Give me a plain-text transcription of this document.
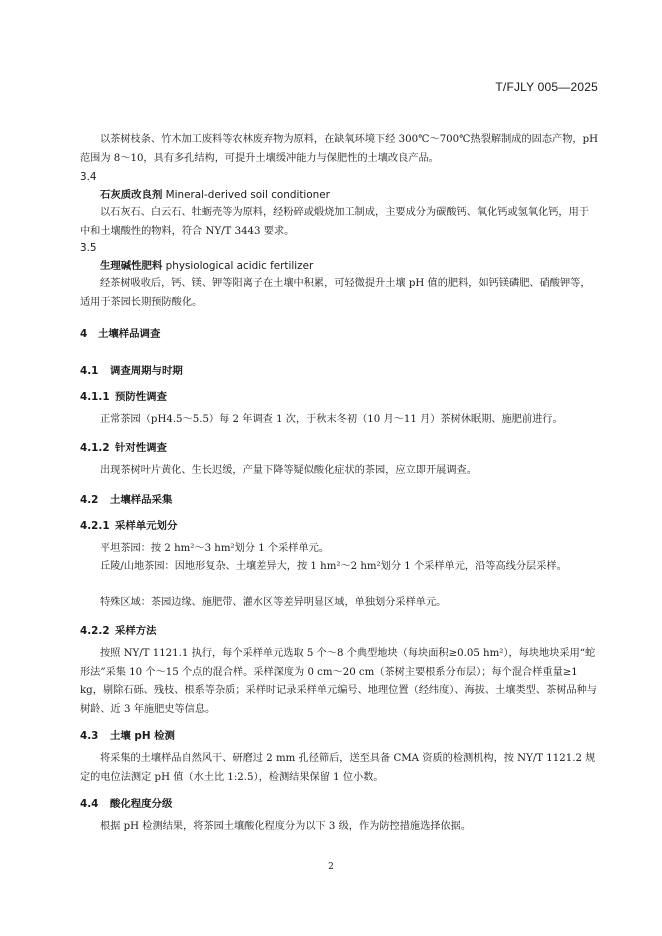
T/FJLY 005—2025
以茶树枝条、竹木加工废料等农林废弃物为原料，在缺氧环境下经 300℃～700℃热裂解制成的固态产物，pH 范围为 8～10，具有多孔结构，可提升土壤缓冲能力与保肥性的土壤改良产品。
3.4
石灰质改良剂 Mineral-derived soil conditioner
以石灰石、白云石、牡蛎壳等为原料，经粉碎或煅烧加工制成，主要成分为碳酸钙、氧化钙或氢氧化钙，用于中和土壤酸性的物料，符合 NY/T 3443 要求。
3.5
生理碱性肥料 physiological acidic fertilizer
经茶树吸收后，钙、镁、钾等阳离子在土壤中积累，可轻微提升土壤 pH 值的肥料，如钙镁磷肥、硝酸钾等，适用于茶园长期预防酸化。
4 土壤样品调查
4.1 调查周期与时期
4.1.1 预防性调查
正常茶园（pH4.5～5.5）每 2 年调查 1 次，于秋末冬初（10 月～11 月）茶树休眠期、施肥前进行。
4.1.2 针对性调查
出现茶树叶片黄化、生长迟缓，产量下降等疑似酸化症状的茶园，应立即开展调查。
4.2 土壤样品采集
4.2.1 采样单元划分
平坦茶园：按 2 hm²～3 hm²划分 1 个采样单元。
丘陵/山地茶园：因地形复杂、土壤差异大，按 1 hm²～2 hm²划分 1 个采样单元，沿等高线分层采样。
特殊区域：茶园边缘、施肥带、灌水区等差异明显区域，单独划分采样单元。
4.2.2 采样方法
按照 NY/T 1121.1 执行，每个采样单元选取 5 个～8 个典型地块（每块面积≥0.05 hm²），每块地块采用“蛇形法”采集 10 个～15 个点的混合样。采样深度为 0 cm～20 cm（茶树主要根系分布层）；每个混合样重量≥1 kg，剔除石砾、残枝、根系等杂质；采样时记录采样单元编号、地理位置（经纬度）、海拔、土壤类型、茶树品种与树龄、近 3 年施肥史等信息。
4.3 土壤 pH 检测
将采集的土壤样品自然风干、研磨过 2 mm 孔径筛后，送至具备 CMA 资质的检测机构，按 NY/T 1121.2 规定的电位法测定 pH 值（水土比 1:2.5），检测结果保留 1 位小数。
4.4 酸化程度分级
根据 pH 检测结果，将茶园土壤酸化程度分为以下 3 级，作为防控措施选择依据。
2
